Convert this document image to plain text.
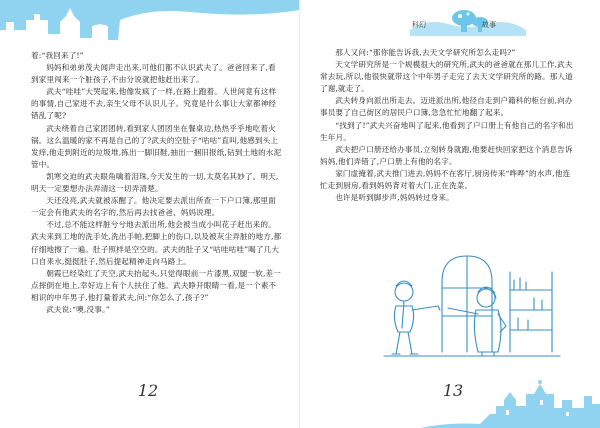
着:“我回来了!”

妈妈和弟弟茂夫闻声走出来,可他们都不认识武夫了。爸爸回来了,看到家里闯来一个脏孩子,不由分说就把他赶出来了。

武夫“哇哇”大哭起来,他像发疯了一样,在路上跑着。人世间竟有这样的事情,自己家进不去,亲生父母不认识儿子。究竟是什么事让大家都神经错乱了呢?

武夫绕着自己家团团转,看到家人团团坐在餐桌边,热热乎乎地吃着火锅。这么温暖的家不再是自己的了?武夫的空肚子“咕咕”直叫,他感到头上发痒,他走到附近的垃圾堆,拣出一脚旧鞋,抽出一捆旧报纸,钻到土地的水泥管中。

凯寒交迫的武夫眼角噙着泪珠,今天发生的一切,太莫名其妙了。明天,明天一定要想办法弄清这一切弄清楚。

天还没亮,武夫就被冻醒了。他决定要去派出所查一下户口簿,那里面一定会有他武夫的名字的,然后再去找爸爸、妈妈说理。

不过,总不能这样脏兮兮地去派出所,他会被当成小叫花子赶出来的。武夫来到工地的洗手处,洗出手帕,把脚上的伤口,以及被灰尘弄脏的地方,都仔细地擦了一遍。肚子照样是空空的。武夫的肚子又“咕哇咕哇”喝了几大口自来水,挺挺肚子,然后提起精神走向马路上。

朝霞已经染红了天空,武夫抬起头,只觉得眼前一片漆黑,双腿一软,差一点摔倒在地上,幸好边上有个人扶住了他。武夫睁开眼睛一看,是一个素不相识的中年男子,他打量着武夫,问:“你怎么了,孩子?”

武夫说:“噢,没事。”

12
科幻	故事

那人又问:“那你能告诉我,去天文学研究所怎么走吗?”

天文学研究所是一个规模很大的研究所,武夫的爸爸就在那儿工作,武夫常去玩,所以,他很快就带这个中年男子走完了去天文学研究所的路。那人道了谢,就走了。

武夫转身向派出所走去。迈进派出所,他径自走到户籍科的柜台前,向办事员要了自己街区的居民户口簿,急急忙忙地翻了起来。

“找到了!”武夫兴奋地叫了起来,他看到了户口册上有他自己的名字和出生年月。

武夫把户口册还给办事员,立刻转身就跑,他要赶快回家把这个消息告诉妈妈,他们弄错了,户口册上有他的名字。

家门虚掩着,武夫推门进去,妈妈不在客厅,厨房传来“哗哗”的水声,他连忙走到厨房,看到妈妈背对着大门,正在洗菜。

也许是听到脚步声,妈妈转过身来。

13
